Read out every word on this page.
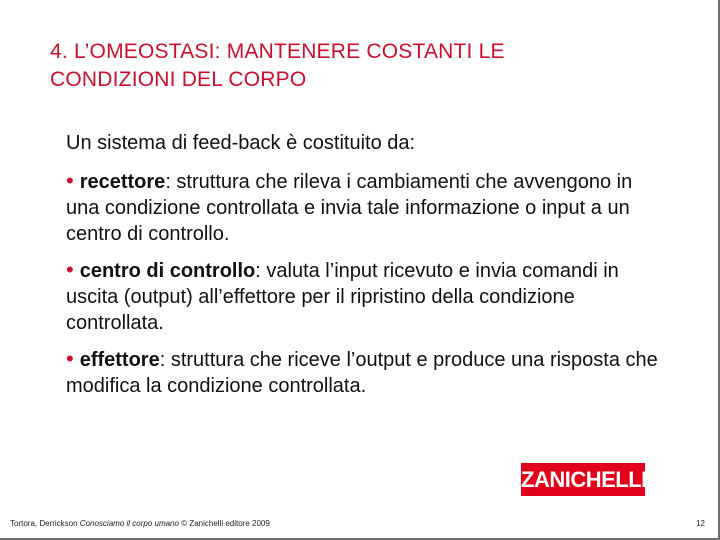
4. L’OMEOSTASI: MANTENERE COSTANTI LE
CONDIZIONI DEL CORPO

Un sistema di feed-back è costituito da:

• recettore: struttura che rileva i cambiamenti che avvengono in una condizione controllata e invia tale informazione o input a un centro di controllo.

• centro di controllo: valuta l’input ricevuto e invia comandi in uscita (output) all’effettore per il ripristino della condizione controllata.

• effettore: struttura che riceve l’output e produce una risposta che modifica la condizione controllata.

ZANICHELLI
Tortora, Derrickson Conosciamo il corpo umano © Zanichelli editore 2009	12
